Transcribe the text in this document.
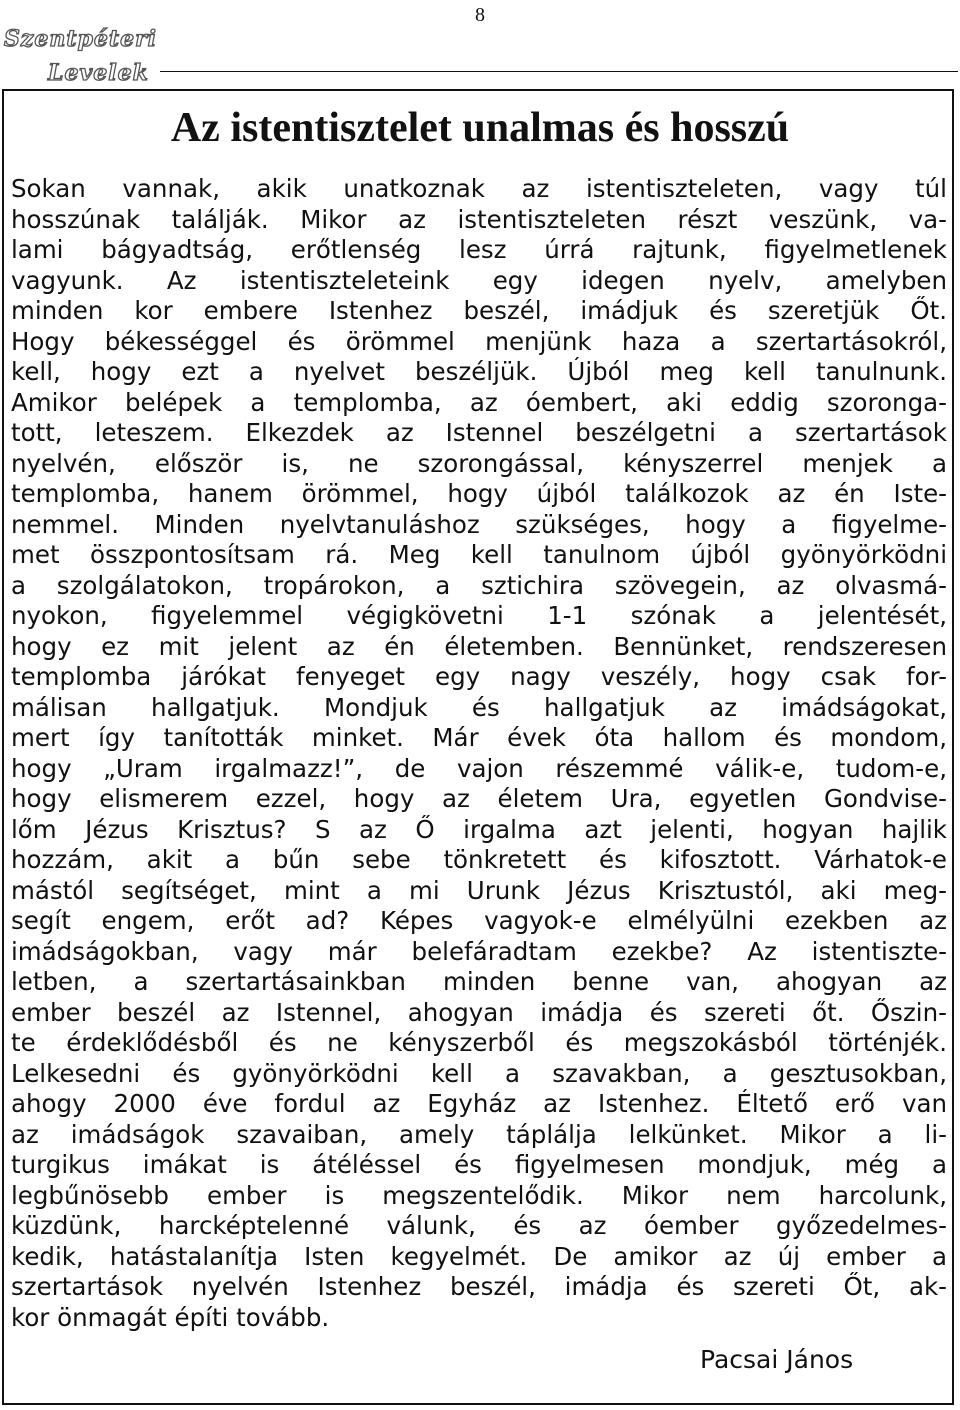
8
Szentpéteri
Levelek
Az istentisztelet unalmas és hosszú
Sokan vannak, akik unatkoznak az istentiszteleten, vagy túl
hosszúnak találják. Mikor az istentiszteleten részt veszünk, va-
lami bágyadtság, erőtlenség lesz úrrá rajtunk, figyelmetlenek
vagyunk. Az istentiszteleteink egy idegen nyelv, amelyben
minden kor embere Istenhez beszél, imádjuk és szeretjük Őt.
Hogy békességgel és örömmel menjünk haza a szertartásokról,
kell, hogy ezt a nyelvet beszéljük. Újból meg kell tanulnunk.
Amikor belépek a templomba, az óembert, aki eddig szoronga-
tott, leteszem. Elkezdek az Istennel beszélgetni a szertartások
nyelvén, először is, ne szorongással, kényszerrel menjek a
templomba, hanem örömmel, hogy újból találkozok az én Iste-
nemmel. Minden nyelvtanuláshoz szükséges, hogy a figyelme-
met összpontosítsam rá. Meg kell tanulnom újból gyönyörködni
a szolgálatokon, tropárokon, a sztichira szövegein, az olvasmá-
nyokon, figyelemmel végigkövetni 1-1 szónak a jelentését,
hogy ez mit jelent az én életemben. Bennünket, rendszeresen
templomba járókat fenyeget egy nagy veszély, hogy csak for-
málisan hallgatjuk. Mondjuk és hallgatjuk az imádságokat,
mert így tanították minket. Már évek óta hallom és mondom,
hogy „Uram irgalmazz!”, de vajon részemmé válik-e, tudom-e,
hogy elismerem ezzel, hogy az életem Ura, egyetlen Gondvise-
lőm Jézus Krisztus? S az Ő irgalma azt jelenti, hogyan hajlik
hozzám, akit a bűn sebe tönkretett és kifosztott. Várhatok-e
mástól segítséget, mint a mi Urunk Jézus Krisztustól, aki meg-
segít engem, erőt ad? Képes vagyok-e elmélyülni ezekben az
imádságokban, vagy már belefáradtam ezekbe? Az istentiszte-
letben, a szertartásainkban minden benne van, ahogyan az
ember beszél az Istennel, ahogyan imádja és szereti őt. Őszin-
te érdeklődésből és ne kényszerből és megszokásból történjék.
Lelkesedni és gyönyörködni kell a szavakban, a gesztusokban,
ahogy 2000 éve fordul az Egyház az Istenhez. Éltető erő van
az imádságok szavaiban, amely táplálja lelkünket. Mikor a li-
turgikus imákat is átéléssel és figyelmesen mondjuk, még a
legbűnösebb ember is megszentelődik. Mikor nem harcolunk,
küzdünk, harcképtelenné válunk, és az óember győzedelmes-
kedik, hatástalanítja Isten kegyelmét. De amikor az új ember a
szertartások nyelvén Istenhez beszél, imádja és szereti Őt, ak-
kor önmagát építi tovább.
Pacsai János
